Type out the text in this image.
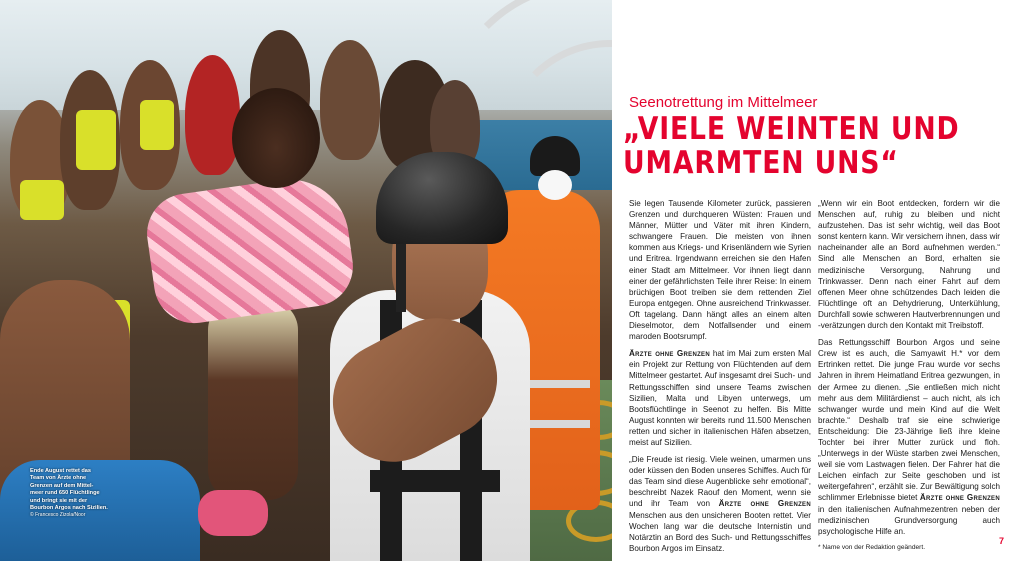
Ende August rettet das
Team von Ärzte ohne
Grenzen auf dem Mittel-
meer rund 650 Flüchtlinge
und bringt sie mit der
Bourbon Argos nach Sizilien.
© Francesco Zizola/Noor
Seenotrettung im Mittelmeer
„VIELE WEINTEN UND
UMARMTEN UNS“

Sie legen Tausende Kilometer zurück, passieren Grenzen und durchqueren Wüsten: Frauen und Männer, Mütter und Väter mit ihren Kindern, schwangere Frauen. Die meisten von ihnen kommen aus Kriegs- und Krisenländern wie Syrien und Eritrea. Irgendwann erreichen sie den Hafen einer Stadt am Mittelmeer. Vor ihnen liegt dann einer der gefährlichsten Teile ihrer Reise: In einem brüchigen Boot treiben sie dem rettenden Ziel Europa entgegen. Ohne ausreichend Trinkwasser. Oft tagelang. Dann hängt alles an einem alten Dieselmotor, dem Notfallsender und einem maroden Bootsrumpf.

Ärzte ohne Grenzen hat im Mai zum ersten Mal ein Projekt zur Rettung von Flüchtenden auf dem Mittelmeer gestartet. Auf insgesamt drei Such- und Rettungsschiffen sind unsere Teams zwischen Sizilien, Malta und Libyen unterwegs, um Bootsflüchtlinge in Seenot zu helfen. Bis Mitte August konnten wir bereits rund 11.500 Menschen retten und sicher in italienischen Häfen absetzen, meist auf Sizilien.

„Die Freude ist riesig. Viele weinen, umarmen uns oder küssen den Boden unseres Schiffes. Auch für das Team sind diese Augenblicke sehr emotional“, beschreibt Nazek Raouf den Moment, wenn sie und ihr Team von Ärzte ohne Grenzen Menschen aus den unsicheren Booten rettet. Vier Wochen lang war die deutsche Internistin und Notärztin an Bord des Such- und Rettungsschiffes Bourbon Argos im Einsatz.

„Wenn wir ein Boot entdecken, fordern wir die Menschen auf, ruhig zu bleiben und nicht aufzustehen. Das ist sehr wichtig, weil das Boot sonst kentern kann. Wir versichern ihnen, dass wir nacheinander alle an Bord aufnehmen werden.“ Sind alle Menschen an Bord, erhalten sie medizinische Versorgung, Nahrung und Trinkwasser. Denn nach einer Fahrt auf dem offenen Meer ohne schützendes Dach leiden die Flüchtlinge oft an Dehydrierung, Unterkühlung, Durchfall sowie schweren Hautverbrennungen und -verätzungen durch den Kontakt mit Treibstoff.

Das Rettungsschiff Bourbon Argos und seine Crew ist es auch, die Samyawit H.* vor dem Ertrinken rettet. Die junge Frau wurde vor sechs Jahren in ihrem Heimatland Eritrea gezwungen, in der Armee zu dienen. „Sie entließen mich nicht mehr aus dem Militärdienst – auch nicht, als ich schwanger wurde und mein Kind auf die Welt brachte.“ Deshalb traf sie eine schwierige Entscheidung: Die 23-Jährige ließ ihre kleine Tochter bei ihrer Mutter zurück und floh. „Unterwegs in der Wüste starben zwei Menschen, weil sie vom Lastwagen fielen. Der Fahrer hat die Leichen einfach zur Seite geschoben und ist weitergefahren“, erzählt sie. Zur Bewältigung solch schlimmer Erlebnisse bietet Ärzte ohne Grenzen in den italienischen Aufnahmezentren neben der medizinischen Grundversorgung auch psychologische Hilfe an.

* Name von der Redaktion geändert.
7
